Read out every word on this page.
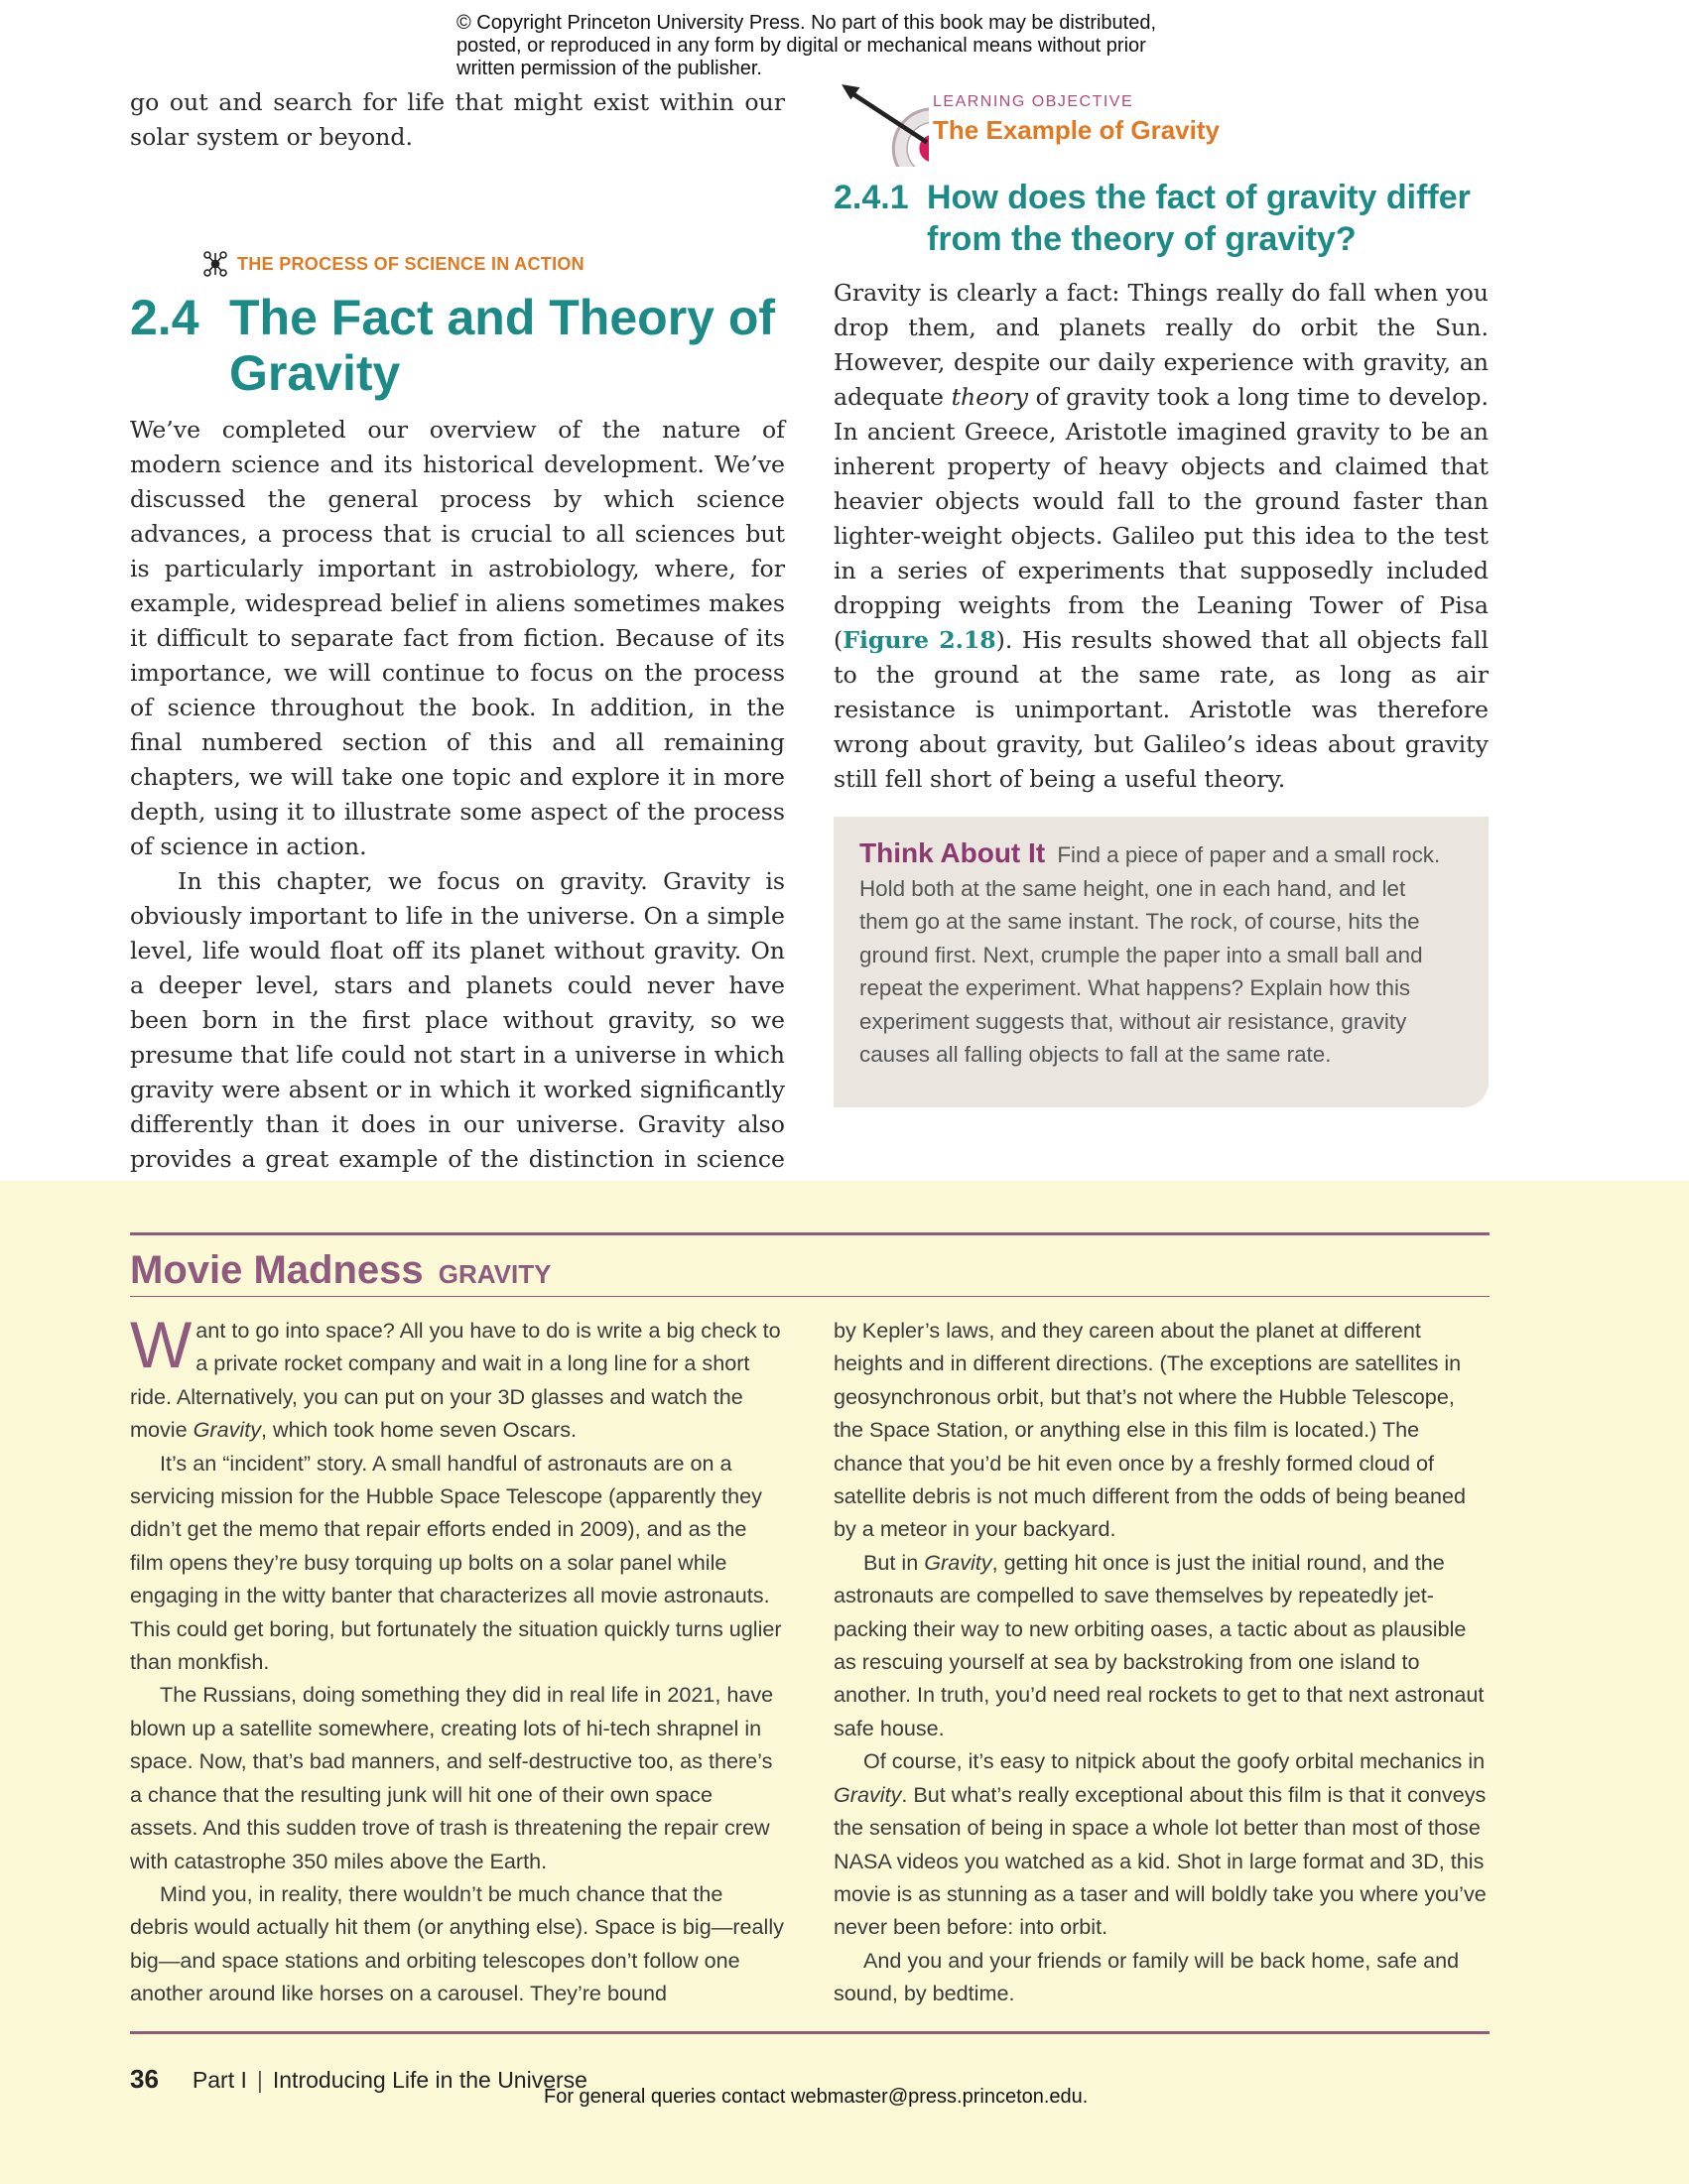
© Copyright Princeton University Press. No part of this book may be distributed, posted, or reproduced in any form by digital or mechanical means without prior written permission of the publisher.

go out and search for life that might exist within our solar system or beyond.

THE PROCESS OF SCIENCE IN ACTION
2.4 The Fact and Theory of Gravity

We’ve completed our overview of the nature of modern science and its historical development. We’ve discussed the general process by which science advances, a process that is crucial to all sciences but is particularly important in astrobiology, where, for example, widespread belief in aliens sometimes makes it difficult to separate fact from fiction. Because of its importance, we will continue to focus on the process of science throughout the book. In addition, in the final numbered section of this and all remaining chapters, we will take one topic and explore it in more depth, using it to illustrate some aspect of the process of science in action.

In this chapter, we focus on gravity. Gravity is obviously important to life in the universe. On a simple level, life would float off its planet without gravity. On a deeper level, stars and planets could never have been born in the first place without gravity, so we presume that life could not start in a universe in which gravity were absent or in which it worked significantly differently than it does in our universe. Gravity also provides a great example of the distinction in science

LEARNING OBJECTIVE
The Example of Gravity
2.4.1 How does the fact of gravity differ from the theory of gravity?

Gravity is clearly a fact: Things really do fall when you drop them, and planets really do orbit the Sun. However, despite our daily experience with gravity, an adequate theory of gravity took a long time to develop. In ancient Greece, Aristotle imagined gravity to be an inherent property of heavy objects and claimed that heavier objects would fall to the ground faster than lighter-weight objects. Galileo put this idea to the test in a series of experiments that supposedly included dropping weights from the Leaning Tower of Pisa (Figure 2.18). His results showed that all objects fall to the ground at the same rate, as long as air resistance is unimportant. Aristotle was therefore wrong about gravity, but Galileo’s ideas about gravity still fell short of being a useful theory.

Think About It Find a piece of paper and a small rock. Hold both at the same height, one in each hand, and let them go at the same instant. The rock, of course, hits the ground first. Next, crumple the paper into a small ball and repeat the experiment. What happens? Explain how this experiment suggests that, without air resistance, gravity causes all falling objects to fall at the same rate.

Movie Madness GRAVITY

Want to go into space? All you have to do is write a big check to a private rocket company and wait in a long line for a short ride. Alternatively, you can put on your 3D glasses and watch the movie Gravity, which took home seven Oscars.

It’s an “incident” story. A small handful of astronauts are on a servicing mission for the Hubble Space Telescope (apparently they didn’t get the memo that repair efforts ended in 2009), and as the film opens they’re busy torquing up bolts on a solar panel while engaging in the witty banter that characterizes all movie astronauts. This could get boring, but fortunately the situation quickly turns uglier than monkfish.

The Russians, doing something they did in real life in 2021, have blown up a satellite somewhere, creating lots of hi-tech shrapnel in space. Now, that’s bad manners, and self-destructive too, as there’s a chance that the resulting junk will hit one of their own space assets. And this sudden trove of trash is threatening the repair crew with catastrophe 350 miles above the Earth.

Mind you, in reality, there wouldn’t be much chance that the debris would actually hit them (or anything else). Space is big—really big—and space stations and orbiting telescopes don’t follow one another around like horses on a carousel. They’re bound

by Kepler’s laws, and they careen about the planet at different heights and in different directions. (The exceptions are satellites in geosynchronous orbit, but that’s not where the Hubble Telescope, the Space Station, or anything else in this film is located.) The chance that you’d be hit even once by a freshly formed cloud of satellite debris is not much different from the odds of being beaned by a meteor in your backyard.

But in Gravity, getting hit once is just the initial round, and the astronauts are compelled to save themselves by repeatedly jet-packing their way to new orbiting oases, a tactic about as plausible as rescuing yourself at sea by backstroking from one island to another. In truth, you’d need real rockets to get to that next astronaut safe house.

Of course, it’s easy to nitpick about the goofy orbital mechanics in Gravity. But what’s really exceptional about this film is that it conveys the sensation of being in space a whole lot better than most of those NASA videos you watched as a kid. Shot in large format and 3D, this movie is as stunning as a taser and will boldly take you where you’ve never been before: into orbit.

And you and your friends or family will be back home, safe and sound, by bedtime.

36 Part I | Introducing Life in the Universe

For general queries contact webmaster@press.princeton.edu.
